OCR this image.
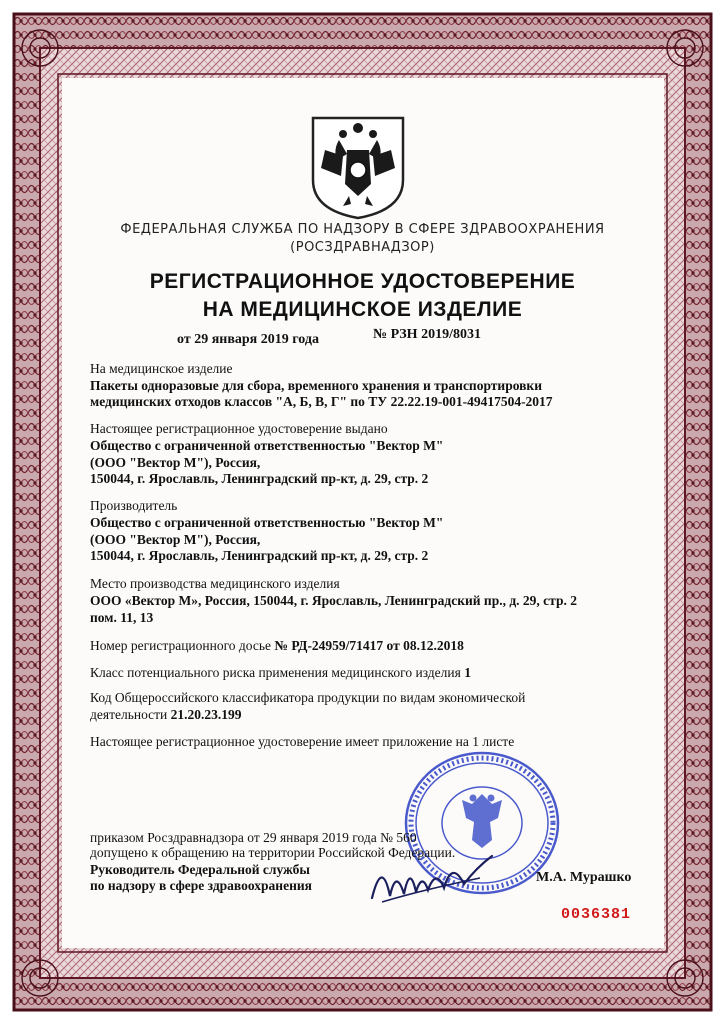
ФЕДЕРАЛЬНАЯ СЛУЖБА ПО НАДЗОРУ В СФЕРЕ ЗДРАВООХРАНЕНИЯ
(РОСЗДРАВНАДЗОР)
РЕГИСТРАЦИОННОЕ УДОСТОВЕРЕНИЕ
НА МЕДИЦИНСКОЕ ИЗДЕЛИЕ
от 29 января 2019 года	№ РЗН 2019/8031
На медицинское изделие
Пакеты одноразовые для сбора, временного хранения и транспортировки
медицинских отходов классов "А, Б, В, Г" по ТУ 22.22.19-001-49417504-2017
Настоящее регистрационное удостоверение выдано
Общество с ограниченной ответственностью "Вектор М"
(ООО "Вектор М"), Россия,
150044, г. Ярославль, Ленинградский пр-кт, д. 29, стр. 2
Производитель
Общество с ограниченной ответственностью "Вектор М"
(ООО "Вектор М"), Россия,
150044, г. Ярославль, Ленинградский пр-кт, д. 29, стр. 2
Место производства медицинского изделия
ООО «Вектор М», Россия, 150044, г. Ярославль, Ленинградский пр., д. 29, стр. 2
пом. 11, 13
Номер регистрационного досье № РД-24959/71417 от 08.12.2018
Класс потенциального риска применения медицинского изделия 1
Код Общероссийского классификатора продукции по видам экономической
деятельности 21.20.23.199
Настоящее регистрационное удостоверение имеет приложение на 1 листе
приказом Росздравнадзора от 29 января 2019 года № 560
допущено к обращению на территории Российской Федерации.
Руководитель Федеральной службы
по надзору в сфере здравоохранения
М.А. Мурашко
0036381
